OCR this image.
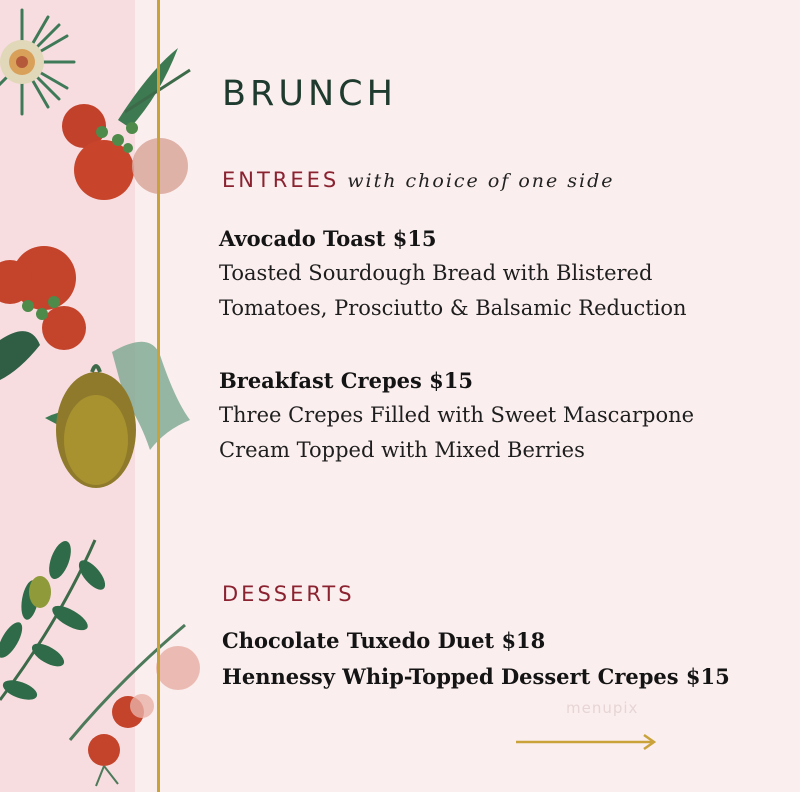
BRUNCH
ENTREES with choice of one side
Avocado Toast $15
Toasted Sourdough Bread with Blistered
Tomatoes, Prosciutto & Balsamic Reduction
Breakfast Crepes $15
Three Crepes Filled with Sweet Mascarpone
Cream Topped with Mixed Berries
DESSERTS
Chocolate Tuxedo Duet $18
Hennessy Whip-Topped Dessert Crepes $15
menupix
